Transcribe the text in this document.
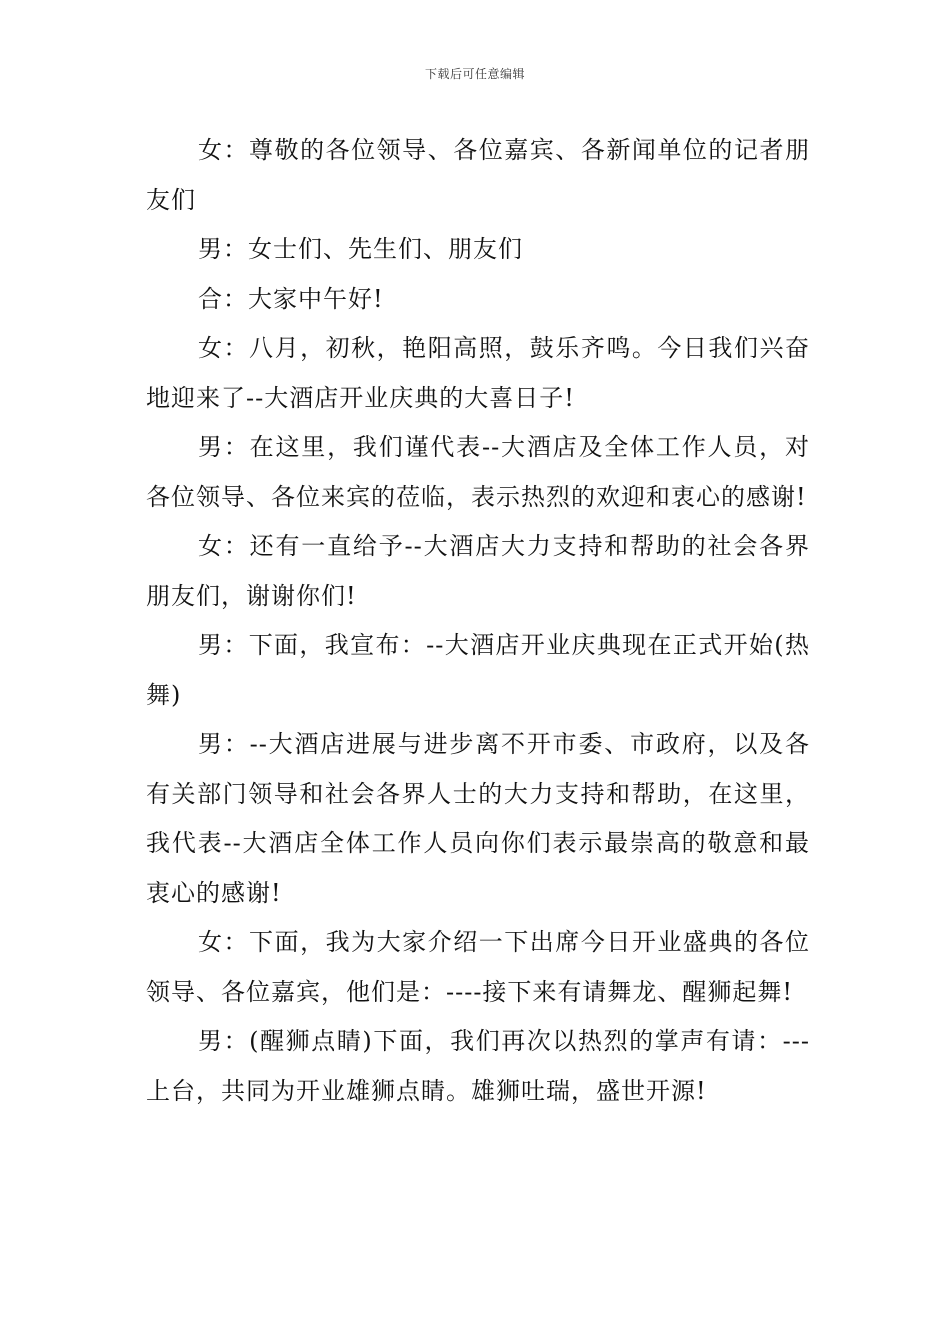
下载后可任意编辑

女：尊敬的各位领导、各位嘉宾、各新闻单位的记者朋友们

男：女士们、先生们、朋友们

合：大家中午好!

女：八月，初秋，艳阳高照，鼓乐齐鸣。今日我们兴奋地迎来了--大酒店开业庆典的大喜日子!

男：在这里，我们谨代表--大酒店及全体工作人员，对各位领导、各位来宾的莅临，表示热烈的欢迎和衷心的感谢!

女：还有一直给予--大酒店大力支持和帮助的社会各界朋友们，谢谢你们!

男：下面，我宣布：--大酒店开业庆典现在正式开始(热舞)

男：--大酒店进展与进步离不开市委、市政府，以及各有关部门领导和社会各界人士的大力支持和帮助，在这里，我代表--大酒店全体工作人员向你们表示最崇高的敬意和最衷心的感谢!

女：下面，我为大家介绍一下出席今日开业盛典的各位领导、各位嘉宾，他们是：----接下来有请舞龙、醒狮起舞!

男：(醒狮点睛)下面，我们再次以热烈的掌声有请：---上台，共同为开业雄狮点睛。雄狮吐瑞，盛世开源!
